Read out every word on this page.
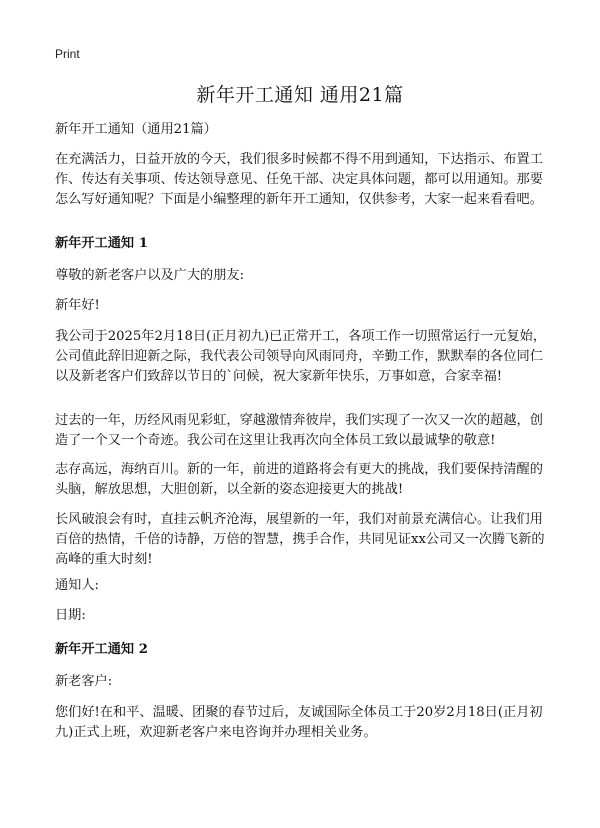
Print
新年开工通知 通用21篇

新年开工通知（通用21篇）

在充满活力，日益开放的今天，我们很多时候都不得不用到通知，下达指示、布置工作、传达有关事项、传达领导意见、任免干部、决定具体问题，都可以用通知。那要怎么写好通知呢？下面是小编整理的新年开工通知，仅供参考，大家一起来看看吧。

新年开工通知 1

尊敬的新老客户以及广大的朋友:

新年好!

我公司于2025年2月18日(正月初九)已正常开工，各项工作一切照常运行一元复始，公司值此辞旧迎新之际，我代表公司领导向风雨同舟，辛勤工作，默默奉的各位同仁以及新老客户们致辞以节日的`问候，祝大家新年快乐，万事如意，合家幸福!

过去的一年，历经风雨见彩虹，穿越激情奔彼岸，我们实现了一次又一次的超越，创造了一个又一个奇迹。我公司在这里让我再次向全体员工致以最诚挚的敬意!

志存高远，海纳百川。新的一年，前进的道路将会有更大的挑战，我们要保持清醒的头脑，解放思想，大胆创新，以全新的姿态迎接更大的挑战!

长风破浪会有时，直挂云帆齐沧海，展望新的一年，我们对前景充满信心。让我们用百倍的热情，千倍的诗静，万倍的智慧，携手合作，共同见证xx公司又一次腾飞新的高峰的重大时刻!

通知人:

日期:

新年开工通知 2

新老客户:

您们好!在和平、温暖、团聚的春节过后，友诚国际全体员工于20岁2月18日(正月初九)正式上班，欢迎新老客户来电咨询并办理相关业务。
